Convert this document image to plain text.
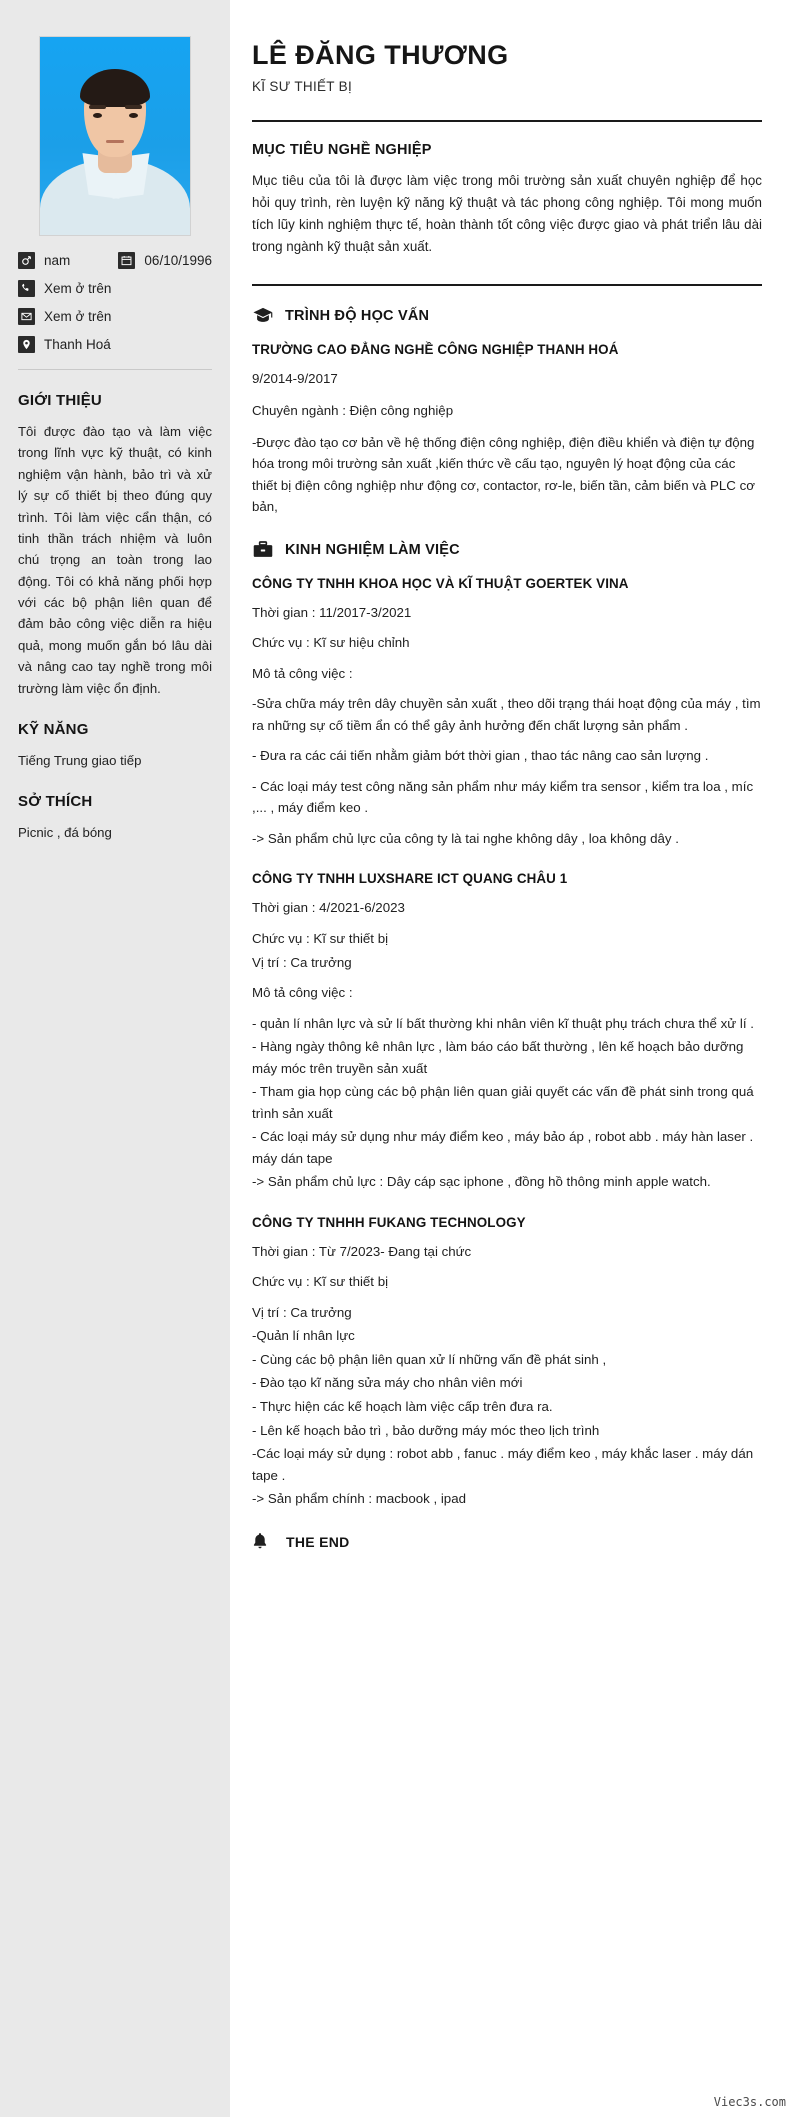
nam	06/10/1996
Xem ở trên
Xem ở trên
Thanh Hoá
GIỚI THIỆU

Tôi được đào tạo và làm việc trong lĩnh vực kỹ thuật, có kinh nghiệm vận hành, bảo trì và xử lý sự cố thiết bị theo đúng quy trình. Tôi làm việc cẩn thận, có tinh thần trách nhiệm và luôn chú trọng an toàn trong lao động. Tôi có khả năng phối hợp với các bộ phận liên quan để đảm bảo công việc diễn ra hiệu quả, mong muốn gắn bó lâu dài và nâng cao tay nghề trong môi trường làm việc ổn định.

KỸ NĂNG
Tiếng Trung giao tiếp
SỞ THÍCH
Picnic , đá bóng
LÊ ĐĂNG THƯƠNG
KĨ SƯ THIẾT BỊ
MỤC TIÊU NGHỀ NGHIỆP

Mục tiêu của tôi là được làm việc trong môi trường sản xuất chuyên nghiệp để học hỏi quy trình, rèn luyện kỹ năng kỹ thuật và tác phong công nghiệp. Tôi mong muốn tích lũy kinh nghiệm thực tế, hoàn thành tốt công việc được giao và phát triển lâu dài trong ngành kỹ thuật sản xuất.

TRÌNH ĐỘ HỌC VẤN
TRƯỜNG CAO ĐẲNG NGHỀ CÔNG NGHIỆP THANH HOÁ

9/2014-9/2017

Chuyên ngành : Điện công nghiệp

-Được đào tạo cơ bản về hệ thống điện công nghiệp, điện điều khiển và điện tự động hóa trong môi trường sản xuất ,kiến thức về cấu tạo, nguyên lý hoạt động của các thiết bị điện công nghiệp như động cơ, contactor, rơ-le, biến tần, cảm biến và PLC cơ bản,

KINH NGHIỆM LÀM VIỆC
CÔNG TY TNHH KHOA HỌC VÀ KĨ THUẬT GOERTEK VINA
Thời gian : 11/2017-3/2021
Chức vụ : Kĩ sư hiệu chỉnh
Mô tả công việc :

-Sửa chữa máy trên dây chuyền sản xuất , theo dõi trạng thái hoạt động của máy , tìm ra những sự cố tiềm ẩn có thể gây ảnh hưởng đến chất lượng sản phẩm .

- Đưa ra các cái tiến nhằm giảm bớt thời gian , thao tác nâng cao sản lượng .

- Các loại máy test công năng sản phẩm như máy kiểm tra sensor , kiểm tra loa , míc ,... , máy điểm keo .

-> Sản phẩm chủ lực của công ty là tai nghe không dây , loa không dây .

CÔNG TY TNHH LUXSHARE ICT QUANG CHÂU 1
Thời gian : 4/2021-6/2023
Chức vụ : Kĩ sư thiết bị
Vị trí : Ca trưởng
Mô tả công việc :

- quản lí nhân lực và sử lí bất thường khi nhân viên kĩ thuật phụ trách chưa thể xử lí .

- Hàng ngày thông kê nhân lực , làm báo cáo bất thường , lên kế hoạch bảo dưỡng máy móc trên truyền sản xuất

- Tham gia họp cùng các bộ phận liên quan giải quyết các vấn đề phát sinh trong quá trình sản xuất

- Các loại máy sử dụng như máy điểm keo , máy bảo áp , robot abb . máy hàn laser . máy dán tape

-> Sản phẩm chủ lực : Dây cáp sạc iphone , đồng hồ thông minh apple watch.

CÔNG TY TNHHH FUKANG TECHNOLOGY
Thời gian : Từ 7/2023- Đang tại chức
Chức vụ : Kĩ sư thiết bị

Vị trí : Ca trưởng

-Quản lí nhân lực

- Cùng các bộ phận liên quan xử lí những vấn đề phát sinh ,

- Đào tạo kĩ năng sửa máy cho nhân viên mới

- Thực hiện các kế hoạch làm việc cấp trên đưa ra.

- Lên kế hoạch bảo trì , bảo dưỡng máy móc theo lịch trình

-Các loại máy sử dụng : robot abb , fanuc . máy điểm keo , máy khắc laser . máy dán tape .

-> Sản phẩm chính : macbook , ipad

THE END
Viec3s.com
